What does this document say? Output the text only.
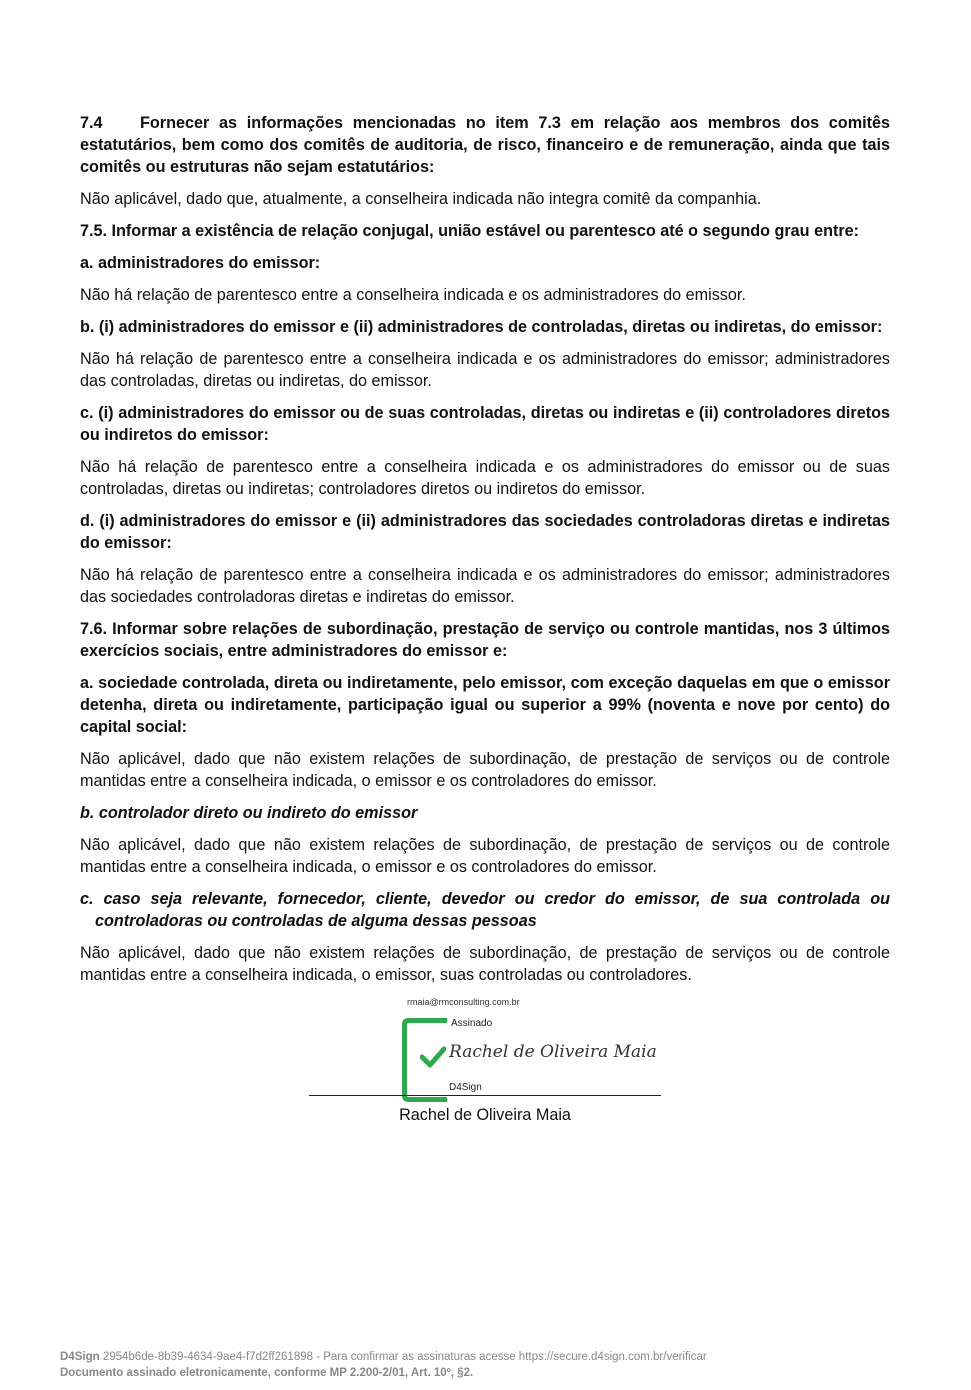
7.4 Fornecer as informações mencionadas no item 7.3 em relação aos membros dos comitês estatutários, bem como dos comitês de auditoria, de risco, financeiro e de remuneração, ainda que tais comitês ou estruturas não sejam estatutários:

Não aplicável, dado que, atualmente, a conselheira indicada não integra comitê da companhia.

7.5. Informar a existência de relação conjugal, união estável ou parentesco até o segundo grau entre:

a. administradores do emissor:

Não há relação de parentesco entre a conselheira indicada e os administradores do emissor.

b. (i) administradores do emissor e (ii) administradores de controladas, diretas ou indiretas, do emissor:

Não há relação de parentesco entre a conselheira indicada e os administradores do emissor; administradores das controladas, diretas ou indiretas, do emissor.

c. (i) administradores do emissor ou de suas controladas, diretas ou indiretas e (ii) controladores diretos ou indiretos do emissor:

Não há relação de parentesco entre a conselheira indicada e os administradores do emissor ou de suas controladas, diretas ou indiretas; controladores diretos ou indiretos do emissor.

d. (i) administradores do emissor e (ii) administradores das sociedades controladoras diretas e indiretas do emissor:

Não há relação de parentesco entre a conselheira indicada e os administradores do emissor; administradores das sociedades controladoras diretas e indiretas do emissor.

7.6. Informar sobre relações de subordinação, prestação de serviço ou controle mantidas, nos 3 últimos exercícios sociais, entre administradores do emissor e:

a. sociedade controlada, direta ou indiretamente, pelo emissor, com exceção daquelas em que o emissor detenha, direta ou indiretamente, participação igual ou superior a 99% (noventa e nove por cento) do capital social:

Não aplicável, dado que não existem relações de subordinação, de prestação de serviços ou de controle mantidas entre a conselheira indicada, o emissor e os controladores do emissor.

b. controlador direto ou indireto do emissor

Não aplicável, dado que não existem relações de subordinação, de prestação de serviços ou de controle mantidas entre a conselheira indicada, o emissor e os controladores do emissor.

c. caso seja relevante, fornecedor, cliente, devedor ou credor do emissor, de sua controlada ou controladoras ou controladas de alguma dessas pessoas

Não aplicável, dado que não existem relações de subordinação, de prestação de serviços ou de controle mantidas entre a conselheira indicada, o emissor, suas controladas ou controladores.

rmaia@rmconsulting.com.br
Assinado
Rachel de Oliveira Maia
D4Sign
Rachel de Oliveira Maia
D4Sign 2954b6de-8b39-4634-9ae4-f7d2ff261898 - Para confirmar as assinaturas acesse https://secure.d4sign.com.br/verificar
Documento assinado eletronicamente, conforme MP 2.200-2/01, Art. 10º, §2.
